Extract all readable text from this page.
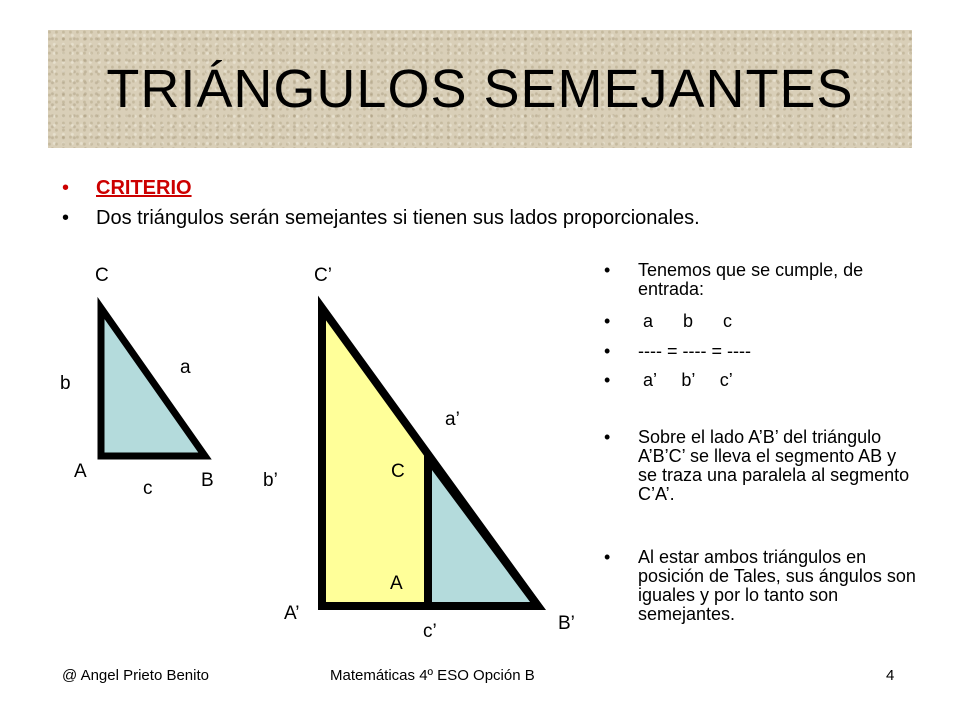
TRIÁNGULOS SEMEJANTES
• CRITERIO
• Dos triángulos serán semejantes si tienen sus lados proporcionales.
C
b
a
A	B
c
C’
a’
C
b’
A
A’	B’
c’
• Tenemos que se cumple, de entrada:
• a      b      c
• ---- = ---- = ----
• a’     b’     c’
• Sobre el lado A’B’ del triángulo A’B’C’ se lleva el segmento AB y se traza una paralela al segmento C’A’.
• Al estar ambos triángulos en posición de Tales, sus ángulos son iguales y por lo tanto son semejantes.
@ Angel Prieto Benito	Matemáticas 4º ESO Opción B	4
